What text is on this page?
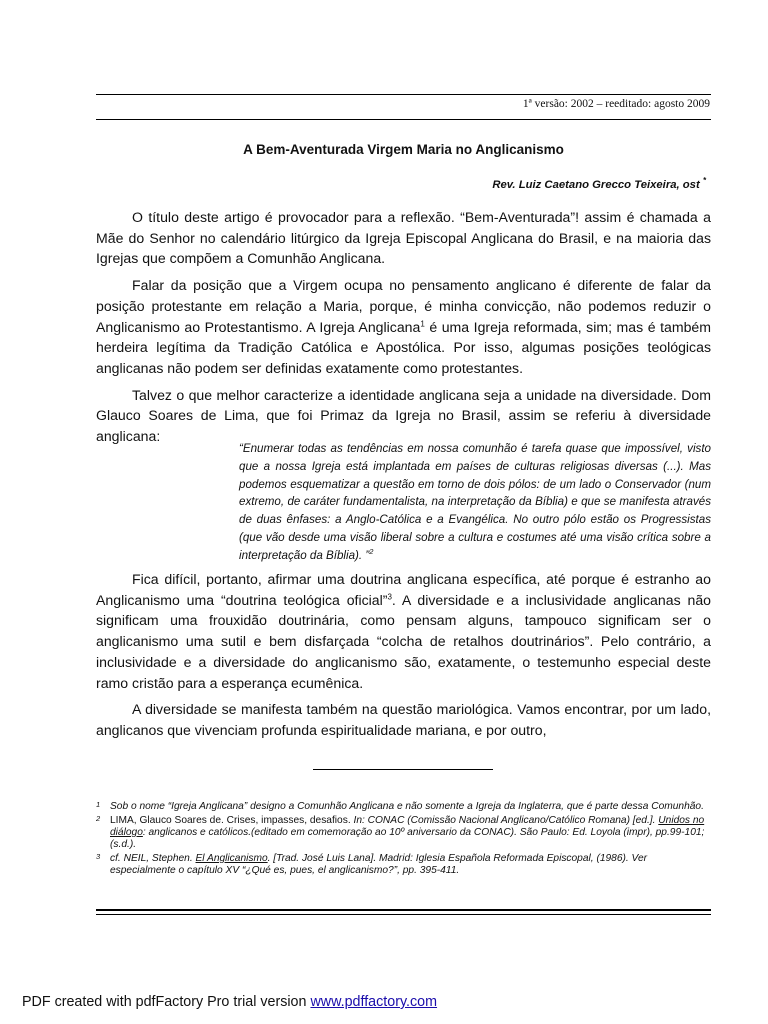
1ª versão: 2002 – reeditado: agosto 2009
A Bem-Aventurada Virgem Maria no Anglicanismo
Rev. Luiz Caetano Grecco Teixeira, ost *

O título deste artigo é provocador para a reflexão. “Bem-Aventurada”! assim é chamada a Mãe do Senhor no calendário litúrgico da Igreja Episcopal Anglicana do Brasil, e na maioria das Igrejas que compõem a Comunhão Anglicana.

Falar da posição que a Virgem ocupa no pensamento anglicano é diferente de falar da posição protestante em relação a Maria, porque, é minha convicção, não podemos reduzir o Anglicanismo ao Protestantismo. A Igreja Anglicana$^1$ é uma Igreja reformada, sim; mas é também herdeira legítima da Tradição Católica e Apostólica. Por isso, algumas posições teológicas anglicanas não podem ser definidas exatamente como protestantes.

Talvez o que melhor caracterize a identidade anglicana seja a unidade na diversidade. Dom Glauco Soares de Lima, que foi Primaz da Igreja no Brasil, assim se referiu à diversidade anglicana:

“Enumerar todas as tendências em nossa comunhão é tarefa quase que impossível, visto que a nossa Igreja está implantada em países de culturas religiosas diversas (...). Mas podemos esquematizar a questão em torno de dois pólos: de um lado o Conservador (num extremo, de caráter fundamentalista, na interpretação da Bíblia) e que se manifesta através de duas ênfases: a Anglo-Católica e a Evangélica. No outro pólo estão os Progressistas (que vão desde uma visão liberal sobre a cultura e costumes até uma visão crítica sobre a interpretação da Bíblia). ”$^2$

Fica difícil, portanto, afirmar uma doutrina anglicana específica, até porque é estranho ao Anglicanismo uma “doutrina teológica oficial”$^3$. A diversidade e a inclusividade anglicanas não significam uma frouxidão doutrinária, como pensam alguns, tampouco significam ser o anglicanismo uma sutil e bem disfarçada “colcha de retalhos doutrinários”. Pelo contrário, a inclusividade e a diversidade do anglicanismo são, exatamente, o testemunho especial deste ramo cristão para a esperança ecumênica.

A diversidade se manifesta também na questão mariológica. Vamos encontrar, por um lado, anglicanos que vivenciam profunda espiritualidade mariana, e por outro,

1 Sob o nome “Igreja Anglicana” designo a Comunhão Anglicana e não somente a Igreja da Inglaterra, que é parte dessa Comunhão.
2 LIMA, Glauco Soares de. Crises, impasses, desafios. In: CONAC (Comissão Nacional Anglicano/Católico Romana) [ed.]. Unidos no diálogo: anglicanos e católicos.(editado em comemoração ao 10º aniversario da CONAC). São Paulo: Ed. Loyola (impr), pp.99-101; (s.d.).
3 cf. NEIL, Stephen. El Anglicanismo. [Trad. José Luis Lana]. Madrid: Iglesia Española Reformada Episcopal, (1986). Ver especialmente o capítulo XV “¿Qué es, pues, el anglicanismo?”, pp. 395-411.
PDF created with pdfFactory Pro trial version www.pdffactory.com
